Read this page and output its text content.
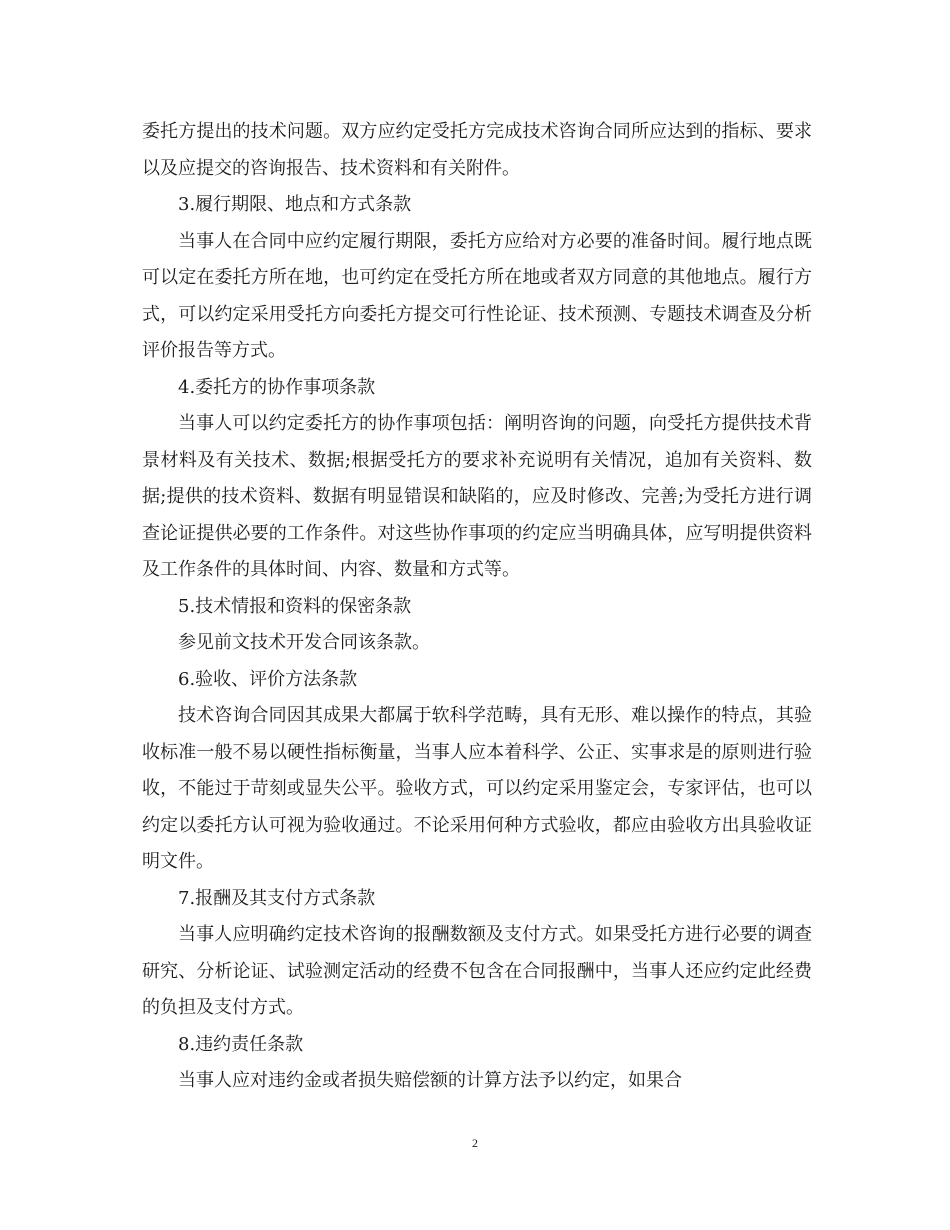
委托方提出的技术问题。双方应约定受托方完成技术咨询合同所应达到的指标、要求以及应提交的咨询报告、技术资料和有关附件。

3.履行期限、地点和方式条款

当事人在合同中应约定履行期限，委托方应给对方必要的准备时间。履行地点既可以定在委托方所在地，也可约定在受托方所在地或者双方同意的其他地点。履行方式，可以约定采用受托方向委托方提交可行性论证、技术预测、专题技术调查及分析评价报告等方式。

4.委托方的协作事项条款

当事人可以约定委托方的协作事项包括：阐明咨询的问题，向受托方提供技术背景材料及有关技术、数据;根据受托方的要求补充说明有关情况，追加有关资料、数据;提供的技术资料、数据有明显错误和缺陷的，应及时修改、完善;为受托方进行调查论证提供必要的工作条件。对这些协作事项的约定应当明确具体，应写明提供资料及工作条件的具体时间、内容、数量和方式等。

5.技术情报和资料的保密条款

参见前文技术开发合同该条款。

6.验收、评价方法条款

技术咨询合同因其成果大都属于软科学范畴，具有无形、难以操作的特点，其验收标准一般不易以硬性指标衡量，当事人应本着科学、公正、实事求是的原则进行验收，不能过于苛刻或显失公平。验收方式，可以约定采用鉴定会，专家评估，也可以约定以委托方认可视为验收通过。不论采用何种方式验收，都应由验收方出具验收证明文件。

7.报酬及其支付方式条款

当事人应明确约定技术咨询的报酬数额及支付方式。如果受托方进行必要的调查研究、分析论证、试验测定活动的经费不包含在合同报酬中，当事人还应约定此经费的负担及支付方式。

8.违约责任条款

当事人应对违约金或者损失赔偿额的计算方法予以约定，如果合

2
